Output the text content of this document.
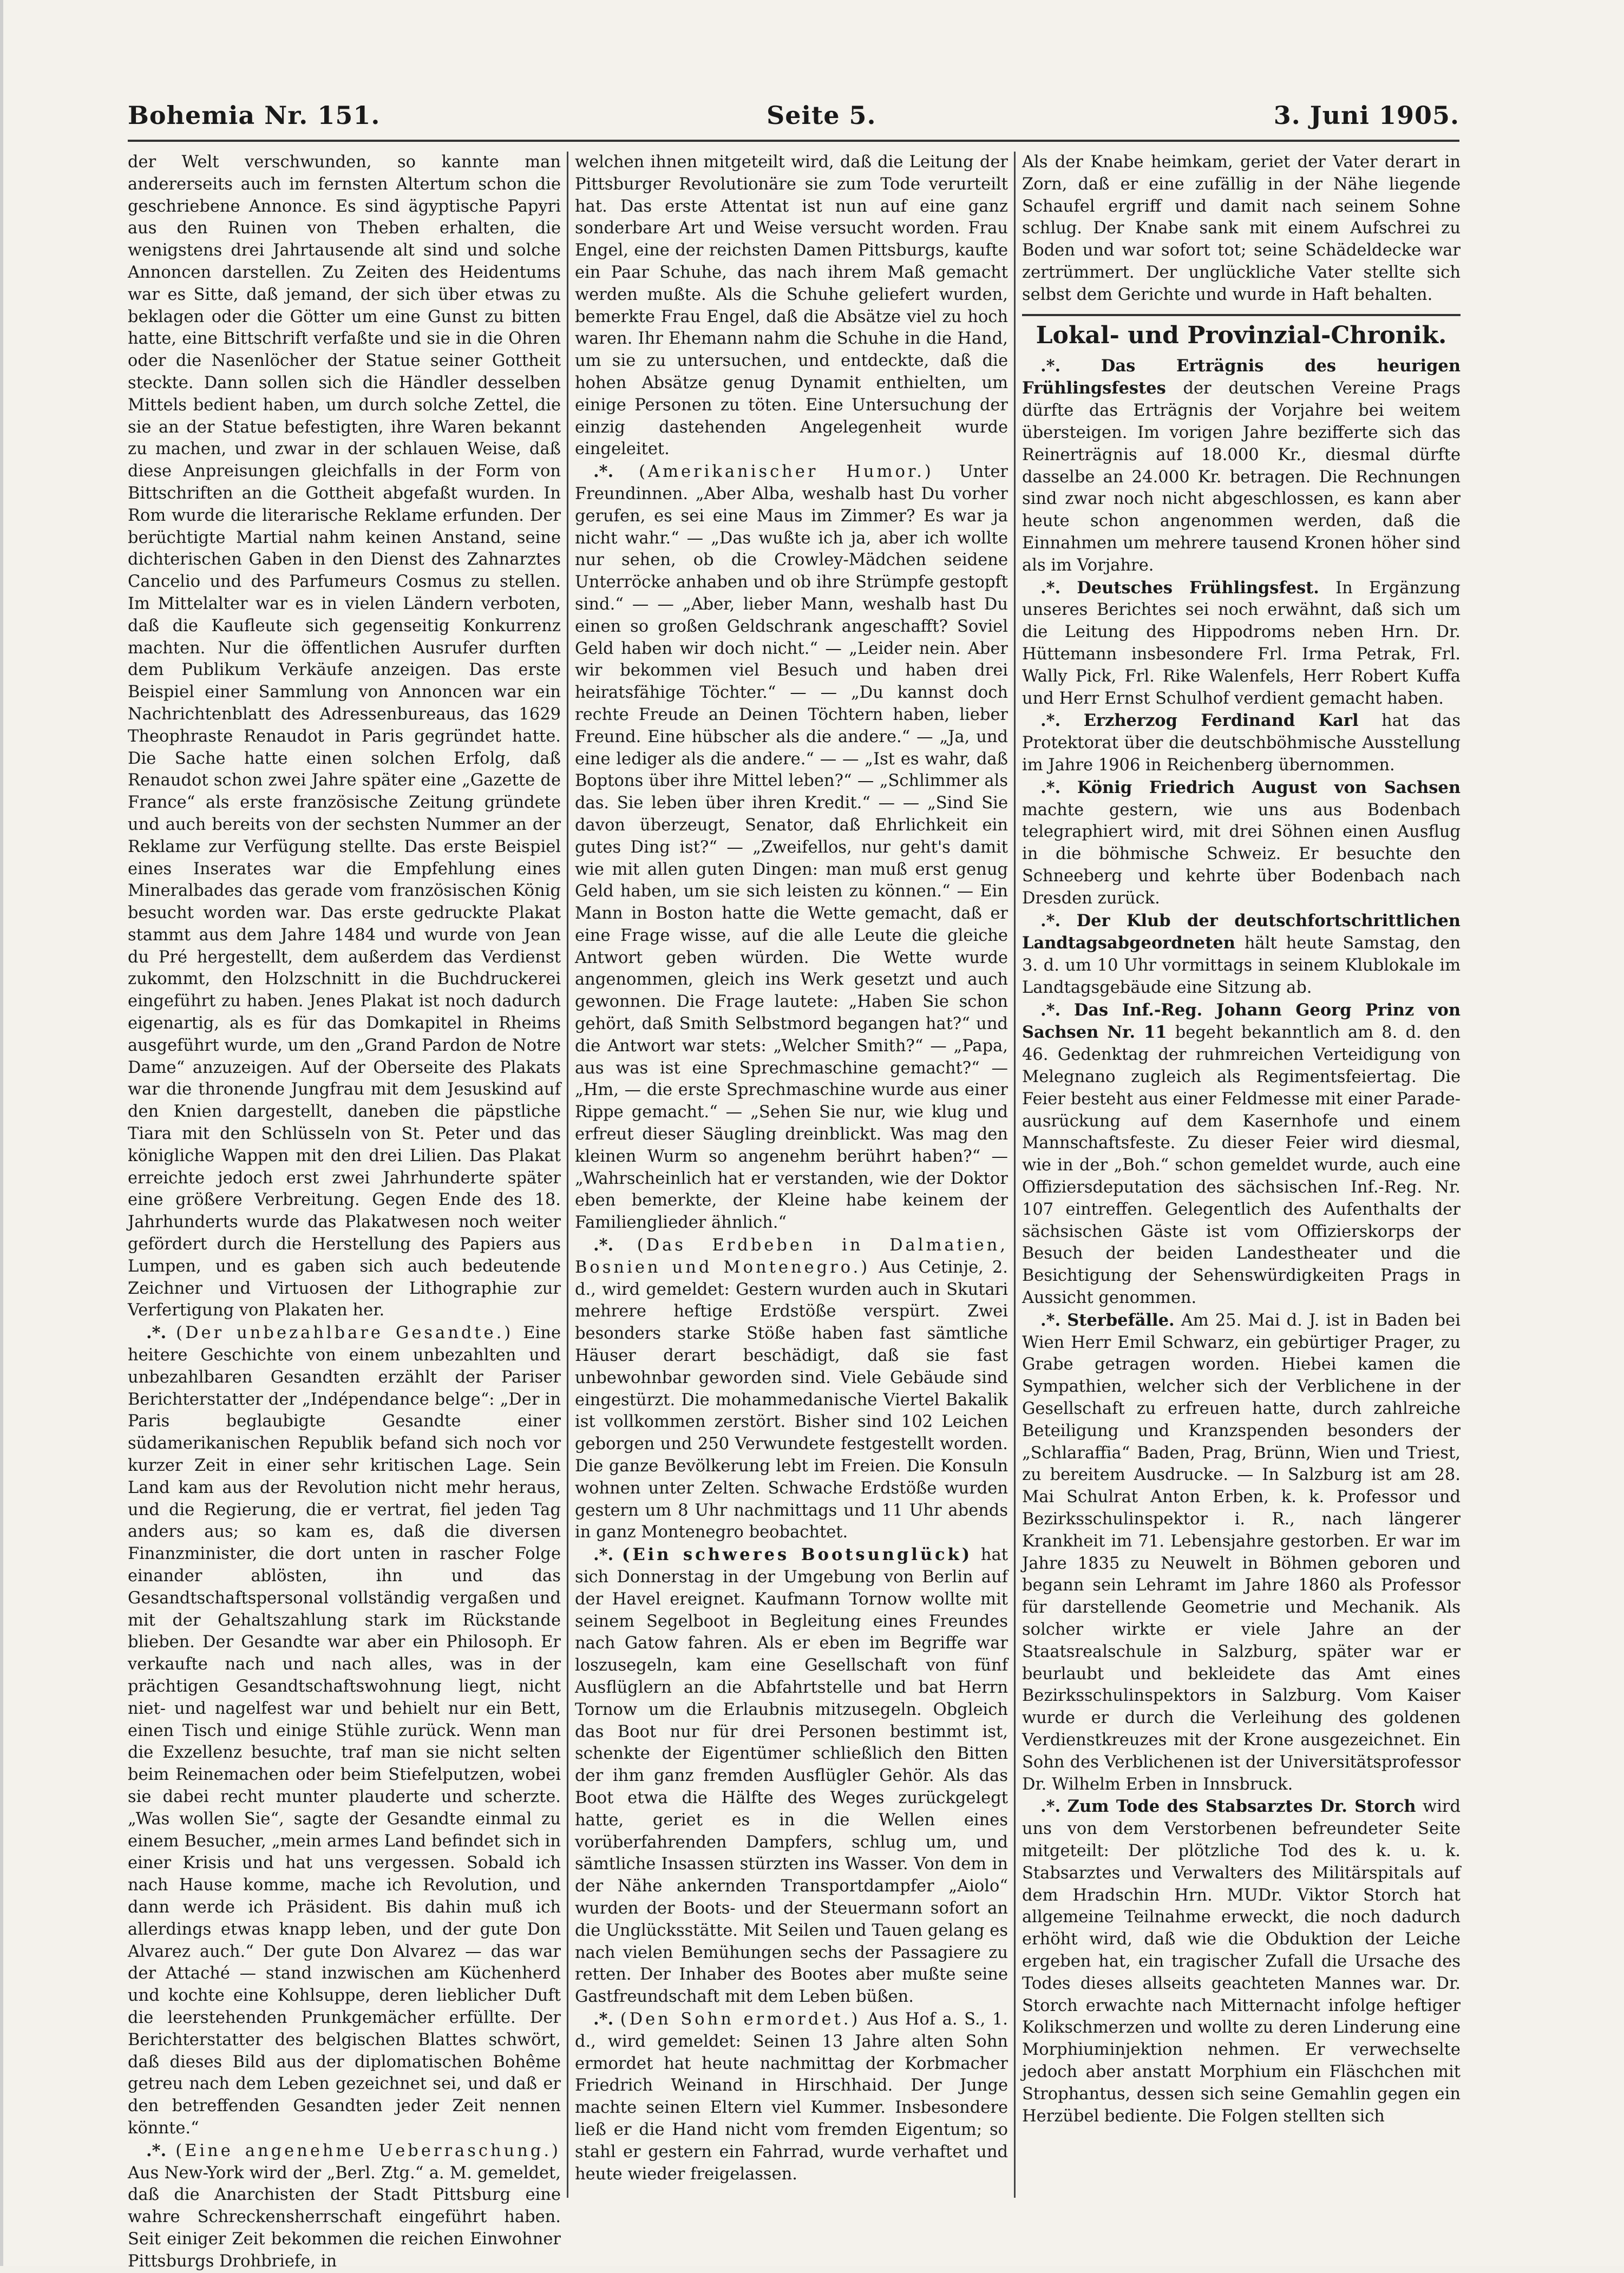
Bohemia Nr. 151.	Seite 5.	3. Juni 1905.

der Welt verschwunden, so kannte man andererseits auch im fernsten Altertum schon die geschriebene Annonce. Es sind ägyptische Papyri aus den Ruinen von Theben erhalten, die wenigstens drei Jahrtausende alt sind und solche Annoncen darstellen. Zu Zeiten des Heidentums war es Sitte, daß jemand, der sich über etwas zu beklagen oder die Götter um eine Gunst zu bitten hatte, eine Bittschrift verfaßte und sie in die Ohren oder die Nasenlöcher der Statue seiner Gottheit steckte. Dann sollen sich die Händler desselben Mittels bedient haben, um durch solche Zettel, die sie an der Statue befestigten, ihre Waren bekannt zu machen, und zwar in der schlauen Weise, daß diese Anpreisungen gleichfalls in der Form von Bittschriften an die Gottheit abgefaßt wurden. In Rom wurde die literarische Reklame erfunden. Der berüchtigte Martial nahm keinen Anstand, seine dichterischen Gaben in den Dienst des Zahnarztes Cancelio und des Parfumeurs Cosmus zu stellen. Im Mittelalter war es in vielen Ländern verboten, daß die Kaufleute sich gegenseitig Konkurrenz machten. Nur die öffentlichen Ausrufer durften dem Publikum Verkäufe anzeigen. Das erste Beispiel einer Sammlung von Annoncen war ein Nachrichtenblatt des Adressenbureaus, das 1629 Theophraste Renaudot in Paris gegründet hatte. Die Sache hatte einen solchen Erfolg, daß Renaudot schon zwei Jahre später eine „Gazette de France“ als erste französische Zeitung gründete und auch bereits von der sechsten Nummer an der Reklame zur Verfügung stellte. Das erste Beispiel eines Inserates war die Empfehlung eines Mineralbades das gerade vom französischen König besucht worden war. Das erste gedruckte Plakat stammt aus dem Jahre 1484 und wurde von Jean du Pré hergestellt, dem außerdem das Verdienst zukommt, den Holzschnitt in die Buchdruckerei eingeführt zu haben. Jenes Plakat ist noch dadurch eigenartig, als es für das Domkapitel in Rheims ausgeführt wurde, um den „Grand Pardon de Notre Dame“ anzuzeigen. Auf der Oberseite des Plakats war die thronende Jungfrau mit dem Jesuskind auf den Knien dargestellt, daneben die päpstliche Tiara mit den Schlüsseln von St. Peter und das königliche Wappen mit den drei Lilien. Das Plakat erreichte jedoch erst zwei Jahrhunderte später eine größere Verbreitung. Gegen Ende des 18. Jahrhunderts wurde das Plakatwesen noch weiter gefördert durch die Herstellung des Papiers aus Lumpen, und es gaben sich auch bedeutende Zeichner und Virtuosen der Lithographie zur Verfertigung von Plakaten her.

.*. (Der unbezahlbare Gesandte.) Eine heitere Geschichte von einem unbezahlten und unbezahlbaren Gesandten erzählt der Pariser Berichterstatter der „Indépendance belge“: „Der in Paris beglaubigte Gesandte einer südamerikanischen Republik befand sich noch vor kurzer Zeit in einer sehr kritischen Lage. Sein Land kam aus der Revolution nicht mehr heraus, und die Regierung, die er vertrat, fiel jeden Tag anders aus; so kam es, daß die diversen Finanzminister, die dort unten in rascher Folge einander ablösten, ihn und das Gesandtschaftspersonal vollständig vergaßen und mit der Gehaltszahlung stark im Rückstande blieben. Der Gesandte war aber ein Philosoph. Er verkaufte nach und nach alles, was in der prächtigen Gesandtschaftswohnung liegt, nicht niet- und nagelfest war und behielt nur ein Bett, einen Tisch und einige Stühle zurück. Wenn man die Exzellenz besuchte, traf man sie nicht selten beim Reinemachen oder beim Stiefelputzen, wobei sie dabei recht munter plauderte und scherzte. „Was wollen Sie“, sagte der Gesandte einmal zu einem Besucher, „mein armes Land befindet sich in einer Krisis und hat uns vergessen. Sobald ich nach Hause komme, mache ich Revolution, und dann werde ich Präsident. Bis dahin muß ich allerdings etwas knapp leben, und der gute Don Alvarez auch.“ Der gute Don Alvarez — das war der Attaché — stand inzwischen am Küchenherd und kochte eine Kohlsuppe, deren lieblicher Duft die leerstehenden Prunkgemächer erfüllte. Der Berichterstatter des belgischen Blattes schwört, daß dieses Bild aus der diplomatischen Bohême getreu nach dem Leben gezeichnet sei, und daß er den betreffenden Gesandten jeder Zeit nennen könnte.“

.*. (Eine angenehme Ueberraschung.) Aus New-York wird der „Berl. Ztg.“ a. M. gemeldet, daß die Anarchisten der Stadt Pittsburg eine wahre Schreckensherrschaft eingeführt haben. Seit einiger Zeit bekommen die reichen Einwohner Pittsburgs Drohbriefe, in

welchen ihnen mitgeteilt wird, daß die Leitung der Pittsburger Revolutionäre sie zum Tode verurteilt hat. Das erste Attentat ist nun auf eine ganz sonderbare Art und Weise versucht worden. Frau Engel, eine der reichsten Damen Pittsburgs, kaufte ein Paar Schuhe, das nach ihrem Maß gemacht werden mußte. Als die Schuhe geliefert wurden, bemerkte Frau Engel, daß die Absätze viel zu hoch waren. Ihr Ehemann nahm die Schuhe in die Hand, um sie zu untersuchen, und entdeckte, daß die hohen Absätze genug Dynamit enthielten, um einige Personen zu töten. Eine Untersuchung der einzig dastehenden Angelegenheit wurde eingeleitet.

.*. (Amerikanischer Humor.) Unter Freundinnen. „Aber Alba, weshalb hast Du vorher gerufen, es sei eine Maus im Zimmer? Es war ja nicht wahr.“ — „Das wußte ich ja, aber ich wollte nur sehen, ob die Crowley-Mädchen seidene Unterröcke anhaben und ob ihre Strümpfe gestopft sind.“ — — „Aber, lieber Mann, weshalb hast Du einen so großen Geldschrank angeschafft? Soviel Geld haben wir doch nicht.“ — „Leider nein. Aber wir bekommen viel Besuch und haben drei heiratsfähige Töchter.“ — — „Du kannst doch rechte Freude an Deinen Töchtern haben, lieber Freund. Eine hübscher als die andere.“ — „Ja, und eine lediger als die andere.“ — — „Ist es wahr, daß Boptons über ihre Mittel leben?“ — „Schlimmer als das. Sie leben über ihren Kredit.“ — — „Sind Sie davon überzeugt, Senator, daß Ehrlichkeit ein gutes Ding ist?“ — „Zweifellos, nur geht's damit wie mit allen guten Dingen: man muß erst genug Geld haben, um sie sich leisten zu können.“ — Ein Mann in Boston hatte die Wette gemacht, daß er eine Frage wisse, auf die alle Leute die gleiche Antwort geben würden. Die Wette wurde angenommen, gleich ins Werk gesetzt und auch gewonnen. Die Frage lautete: „Haben Sie schon gehört, daß Smith Selbstmord begangen hat?“ und die Antwort war stets: „Welcher Smith?“ — „Papa, aus was ist eine Sprechmaschine gemacht?“ — „Hm, — die erste Sprechmaschine wurde aus einer Rippe gemacht.“ — „Sehen Sie nur, wie klug und erfreut dieser Säugling dreinblickt. Was mag den kleinen Wurm so angenehm berührt haben?“ — „Wahrscheinlich hat er verstanden, wie der Doktor eben bemerkte, der Kleine habe keinem der Familienglieder ähnlich.“

.*. (Das Erdbeben in Dalmatien, Bosnien und Montenegro.) Aus Cetinje, 2. d., wird gemeldet: Gestern wurden auch in Skutari mehrere heftige Erdstöße verspürt. Zwei besonders starke Stöße haben fast sämtliche Häuser derart beschädigt, daß sie fast unbewohnbar geworden sind. Viele Gebäude sind eingestürzt. Die mohammedanische Viertel Bakalik ist vollkommen zerstört. Bisher sind 102 Leichen geborgen und 250 Verwundete festgestellt worden. Die ganze Bevölkerung lebt im Freien. Die Konsuln wohnen unter Zelten. Schwache Erdstöße wurden gestern um 8 Uhr nachmittags und 11 Uhr abends in ganz Montenegro beobachtet.

.*. (Ein schweres Bootsunglück) hat sich Donnerstag in der Umgebung von Berlin auf der Havel ereignet. Kaufmann Tornow wollte mit seinem Segelboot in Begleitung eines Freundes nach Gatow fahren. Als er eben im Begriffe war loszusegeln, kam eine Gesellschaft von fünf Ausflüglern an die Abfahrtstelle und bat Herrn Tornow um die Erlaubnis mitzusegeln. Obgleich das Boot nur für drei Personen bestimmt ist, schenkte der Eigentümer schließlich den Bitten der ihm ganz fremden Ausflügler Gehör. Als das Boot etwa die Hälfte des Weges zurückgelegt hatte, geriet es in die Wellen eines vorüberfahrenden Dampfers, schlug um, und sämtliche Insassen stürzten ins Wasser. Von dem in der Nähe ankernden Transportdampfer „Aiolo“ wurden der Boots- und der Steuermann sofort an die Unglücksstätte. Mit Seilen und Tauen gelang es nach vielen Bemühungen sechs der Passagiere zu retten. Der Inhaber des Bootes aber mußte seine Gastfreundschaft mit dem Leben büßen.

.*. (Den Sohn ermordet.) Aus Hof a. S., 1. d., wird gemeldet: Seinen 13 Jahre alten Sohn ermordet hat heute nachmittag der Korbmacher Friedrich Weinand in Hirschhaid. Der Junge machte seinen Eltern viel Kummer. Insbesondere ließ er die Hand nicht vom fremden Eigentum; so stahl er gestern ein Fahrrad, wurde verhaftet und heute wieder freigelassen.

Als der Knabe heimkam, geriet der Vater derart in Zorn, daß er eine zufällig in der Nähe liegende Schaufel ergriff und damit nach seinem Sohne schlug. Der Knabe sank mit einem Aufschrei zu Boden und war sofort tot; seine Schädeldecke war zertrümmert. Der unglückliche Vater stellte sich selbst dem Gerichte und wurde in Haft behalten.

Lokal- und Provinzial-Chronik.

.*. Das Erträgnis des heurigen Frühlingsfestes der deutschen Vereine Prags dürfte das Erträgnis der Vorjahre bei weitem übersteigen. Im vorigen Jahre bezifferte sich das Reinerträgnis auf 18.000 Kr., diesmal dürfte dasselbe an 24.000 Kr. betragen. Die Rechnungen sind zwar noch nicht abgeschlossen, es kann aber heute schon angenommen werden, daß die Einnahmen um mehrere tausend Kronen höher sind als im Vorjahre.

.*. Deutsches Frühlingsfest. In Ergänzung unseres Berichtes sei noch erwähnt, daß sich um die Leitung des Hippodroms neben Hrn. Dr. Hüttemann insbesondere Frl. Irma Petrak, Frl. Wally Pick, Frl. Rike Walenfels, Herr Robert Kuffa und Herr Ernst Schulhof verdient gemacht haben.

.*. Erzherzog Ferdinand Karl hat das Protektorat über die deutschböhmische Ausstellung im Jahre 1906 in Reichenberg übernommen.

.*. König Friedrich August von Sachsen machte gestern, wie uns aus Bodenbach telegraphiert wird, mit drei Söhnen einen Ausflug in die böhmische Schweiz. Er besuchte den Schneeberg und kehrte über Bodenbach nach Dresden zurück.

.*. Der Klub der deutschfortschrittlichen Landtagsabgeordneten hält heute Samstag, den 3. d. um 10 Uhr vormittags in seinem Klublokale im Landtagsgebäude eine Sitzung ab.

.*. Das Inf.-Reg. Johann Georg Prinz von Sachsen Nr. 11 begeht bekanntlich am 8. d. den 46. Gedenktag der ruhmreichen Verteidigung von Melegnano zugleich als Regimentsfeiertag. Die Feier besteht aus einer Feldmesse mit einer Parade-ausrückung auf dem Kasernhofe und einem Mannschaftsfeste. Zu dieser Feier wird diesmal, wie in der „Boh.“ schon gemeldet wurde, auch eine Offiziersdeputation des sächsischen Inf.-Reg. Nr. 107 eintreffen. Gelegentlich des Aufenthalts der sächsischen Gäste ist vom Offizierskorps der Besuch der beiden Landestheater und die Besichtigung der Sehenswürdigkeiten Prags in Aussicht genommen.

.*. Sterbefälle. Am 25. Mai d. J. ist in Baden bei Wien Herr Emil Schwarz, ein gebürtiger Prager, zu Grabe getragen worden. Hiebei kamen die Sympathien, welcher sich der Verblichene in der Gesellschaft zu erfreuen hatte, durch zahlreiche Beteiligung und Kranzspenden besonders der „Schlaraffia“ Baden, Prag, Brünn, Wien und Triest, zu bereitem Ausdrucke. — In Salzburg ist am 28. Mai Schulrat Anton Erben, k. k. Professor und Bezirksschulinspektor i. R., nach längerer Krankheit im 71. Lebensjahre gestorben. Er war im Jahre 1835 zu Neuwelt in Böhmen geboren und begann sein Lehramt im Jahre 1860 als Professor für darstellende Geometrie und Mechanik. Als solcher wirkte er viele Jahre an der Staatsrealschule in Salzburg, später war er beurlaubt und bekleidete das Amt eines Bezirksschulinspektors in Salzburg. Vom Kaiser wurde er durch die Verleihung des goldenen Verdienstkreuzes mit der Krone ausgezeichnet. Ein Sohn des Verblichenen ist der Universitätsprofessor Dr. Wilhelm Erben in Innsbruck.

.*. Zum Tode des Stabsarztes Dr. Storch wird uns von dem Verstorbenen befreundeter Seite mitgeteilt: Der plötzliche Tod des k. u. k. Stabsarztes und Verwalters des Militärspitals auf dem Hradschin Hrn. MUDr. Viktor Storch hat allgemeine Teilnahme erweckt, die noch dadurch erhöht wird, daß wie die Obduktion der Leiche ergeben hat, ein tragischer Zufall die Ursache des Todes dieses allseits geachteten Mannes war. Dr. Storch erwachte nach Mitternacht infolge heftiger Kolikschmerzen und wollte zu deren Linderung eine Morphiuminjektion nehmen. Er verwechselte jedoch aber anstatt Morphium ein Fläschchen mit Strophantus, dessen sich seine Gemahlin gegen ein Herzübel bediente. Die Folgen stellten sich
